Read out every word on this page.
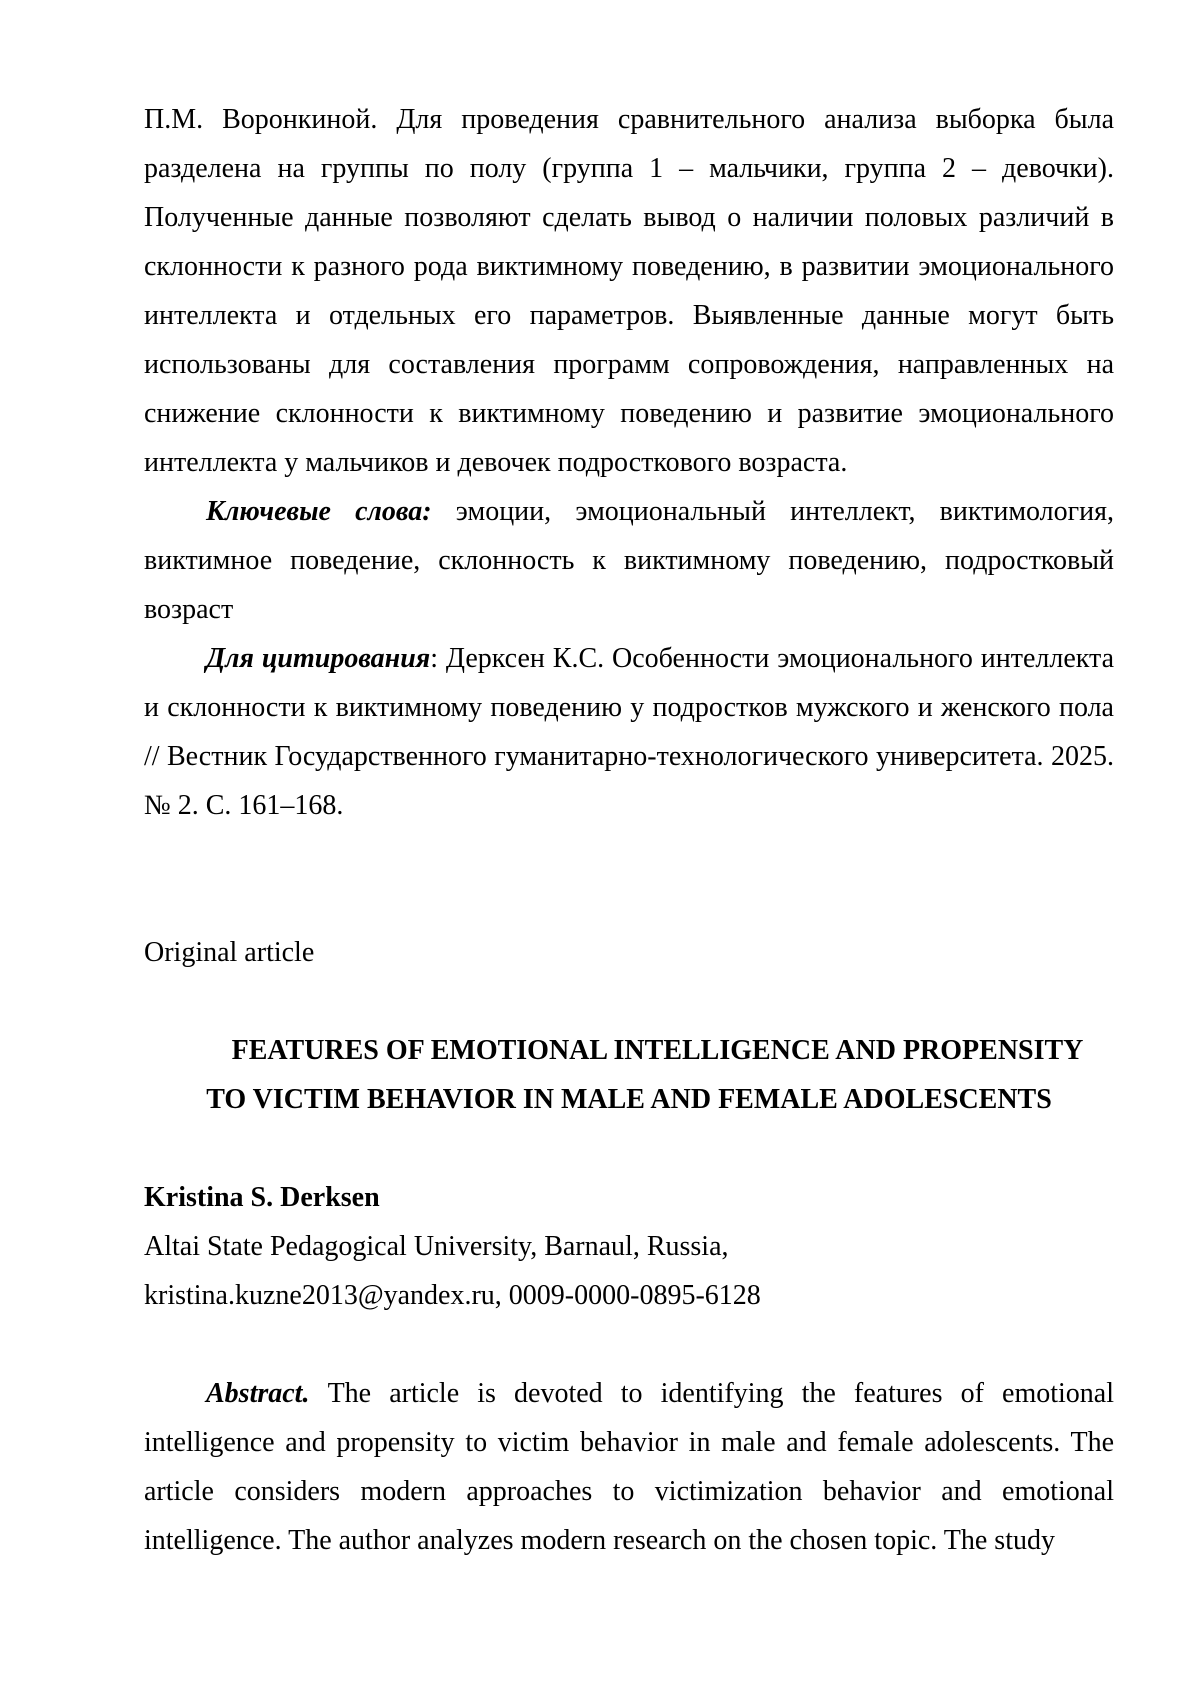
П.М. Воронкиной. Для проведения сравнительного анализа выборка была разделена на группы по полу (группа 1 – мальчики, группа 2 – девочки). Полученные данные позволяют сделать вывод о наличии половых различий в склонности к разного рода виктимному поведению, в развитии эмоционального интеллекта и отдельных его параметров. Выявленные данные могут быть использованы для составления программ сопровождения, направленных на снижение склонности к виктимному поведению и развитие эмоционального интеллекта у мальчиков и девочек подросткового возраста.

Ключевые слова: эмоции, эмоциональный интеллект, виктимология, виктимное поведение, склонность к виктимному поведению, подростковый возраст

Для цитирования: Дерксен К.С. Особенности эмоционального интеллекта и склонности к виктимному поведению у подростков мужского и женского пола // Вестник Государственного гуманитарно-технологического университета. 2025. № 2. С. 161–168.

Original article

FEATURES OF EMOTIONAL INTELLIGENCE AND PROPENSITY
TO VICTIM BEHAVIOR IN MALE AND FEMALE ADOLESCENTS

Kristina S. Derksen

Altai State Pedagogical University, Barnaul, Russia,

kristina.kuzne2013@yandex.ru, 0009-0000-0895-6128

Abstract. The article is devoted to identifying the features of emotional intelligence and propensity to victim behavior in male and female adolescents. The article considers modern approaches to victimization behavior and emotional intelligence. The author analyzes modern research on the chosen topic. The study
